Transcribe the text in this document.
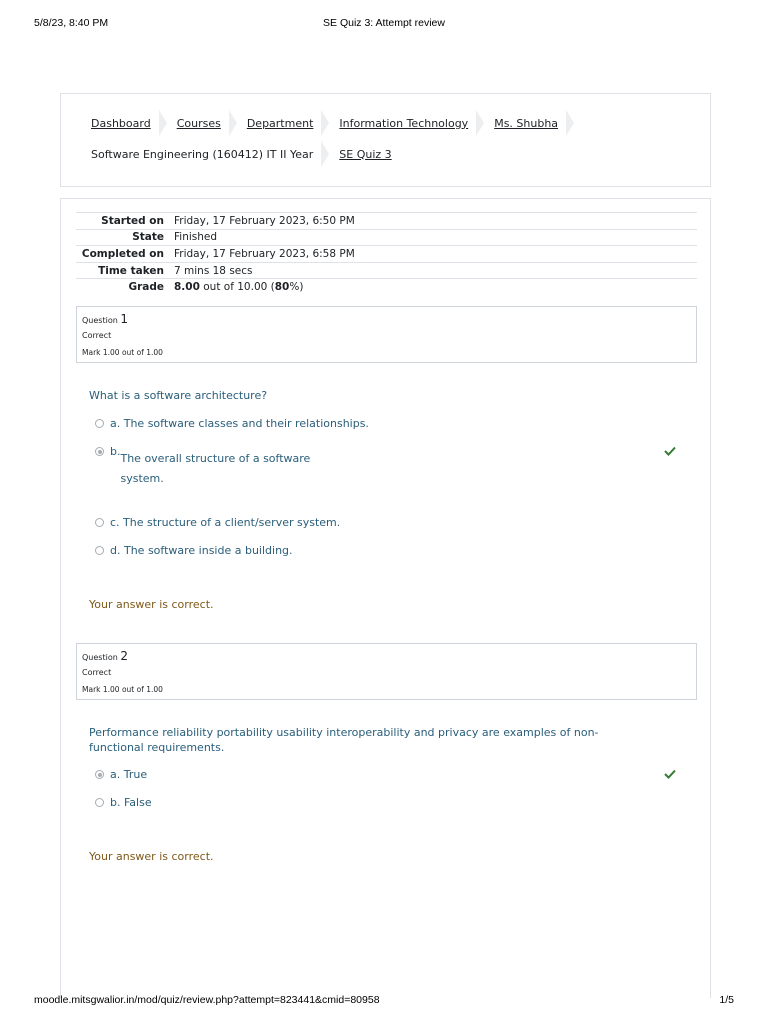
5/8/23, 8:40 PM	SE Quiz 3: Attempt review
Dashboard Courses Department Information Technology Ms. Shubha
Software Engineering (160412) IT II Year SE Quiz 3
Started on Friday, 17 February 2023, 6:50 PM
State Finished
Completed on Friday, 17 February 2023, 6:58 PM
Time taken 7 mins 18 secs
Grade 8.00 out of 10.00 (80%)
Question 1
Correct
Mark 1.00 out of 1.00
What is a software architecture?
a. The software classes and their relationships.
b.
The overall structure of a software
system.
c. The structure of a client/server system.
d. The software inside a building.
Your answer is correct.
Question 2
Correct
Mark 1.00 out of 1.00
Performance reliability portability usability interoperability and privacy are examples of non-functional requirements.
a. True
b. False
Your answer is correct.
moodle.mitsgwalior.in/mod/quiz/review.php?attempt=823441&cmid=80958	1/5
